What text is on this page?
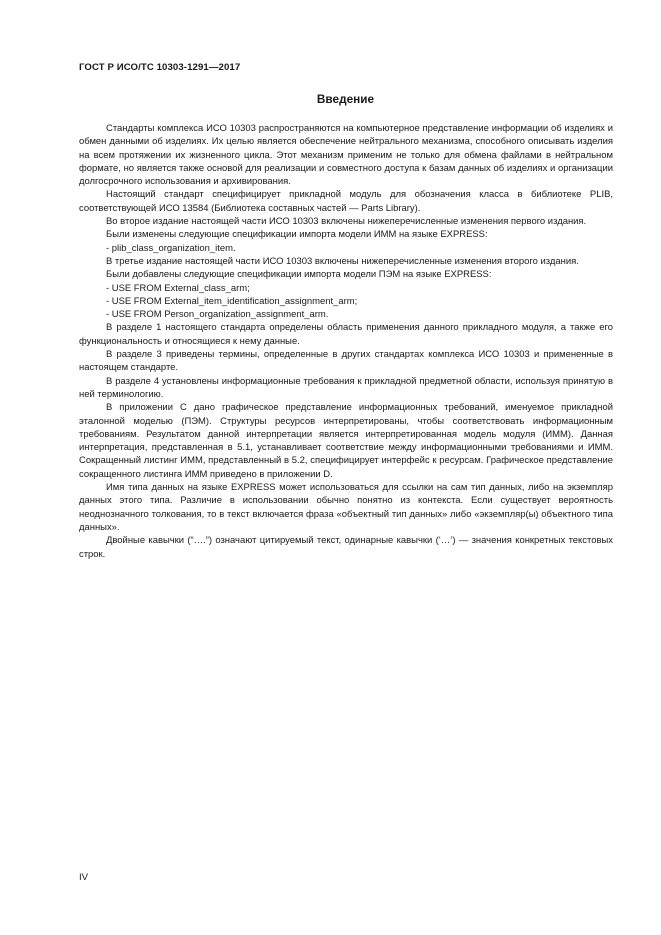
ГОСТ Р ИСО/ТС 10303-1291—2017
Введение

Стандарты комплекса ИСО 10303 распространяются на компьютерное представление информации об изделиях и обмен данными об изделиях. Их целью является обеспечение нейтрального механизма, способного описывать изделия на всем протяжении их жизненного цикла. Этот механизм применим не только для обмена файлами в нейтральном формате, но является также основой для реализации и совместного доступа к базам данных об изделиях и организации долгосрочного использования и архивирования.

Настоящий стандарт специфицирует прикладной модуль для обозначения класса в библиотеке PLIB, соответствующей ИСО 13584 (Библиотека составных частей — Parts Library).

Во второе издание настоящей части ИСО 10303 включены нижеперечисленные изменения первого издания.

Были изменены следующие спецификации импорта модели ИММ на языке EXPRESS:

- plib_class_organization_item.

В третье издание настоящей части ИСО 10303 включены нижеперечисленные изменения второго издания.

Были добавлены следующие спецификации импорта модели ПЭМ на языке EXPRESS:

- USE FROM External_class_arm;

- USE FROM External_item_identification_assignment_arm;

- USE FROM Person_organization_assignment_arm.

В разделе 1 настоящего стандарта определены область применения данного прикладного модуля, а также его функциональность и относящиеся к нему данные.

В разделе 3 приведены термины, определенные в других стандартах комплекса ИСО 10303 и примененные в настоящем стандарте.

В разделе 4 установлены информационные требования к прикладной предметной области, используя принятую в ней терминологию.

В приложении С дано графическое представление информационных требований, именуемое прикладной эталонной моделью (ПЭМ). Структуры ресурсов интерпретированы, чтобы соответствовать информационным требованиям. Результатом данной интерпретации является интерпретированная модель модуля (ИММ). Данная интерпретация, представленная в 5.1, устанавливает соответствие между информационными требованиями и ИММ. Сокращенный листинг ИММ, представленный в 5.2, специфицирует интерфейс к ресурсам. Графическое представление сокращенного листинга ИММ приведено в приложении D.

Имя типа данных на языке EXPRESS может использоваться для ссылки на сам тип данных, либо на экземпляр данных этого типа. Различие в использовании обычно понятно из контекста. Если существует вероятность неоднозначного толкования, то в текст включается фраза «объектный тип данных» либо «экземпляр(ы) объектного типа данных».

Двойные кавычки (“….”) означают цитируемый текст, одинарные кавычки (‘…’) — значения конкретных текстовых строк.

IV
